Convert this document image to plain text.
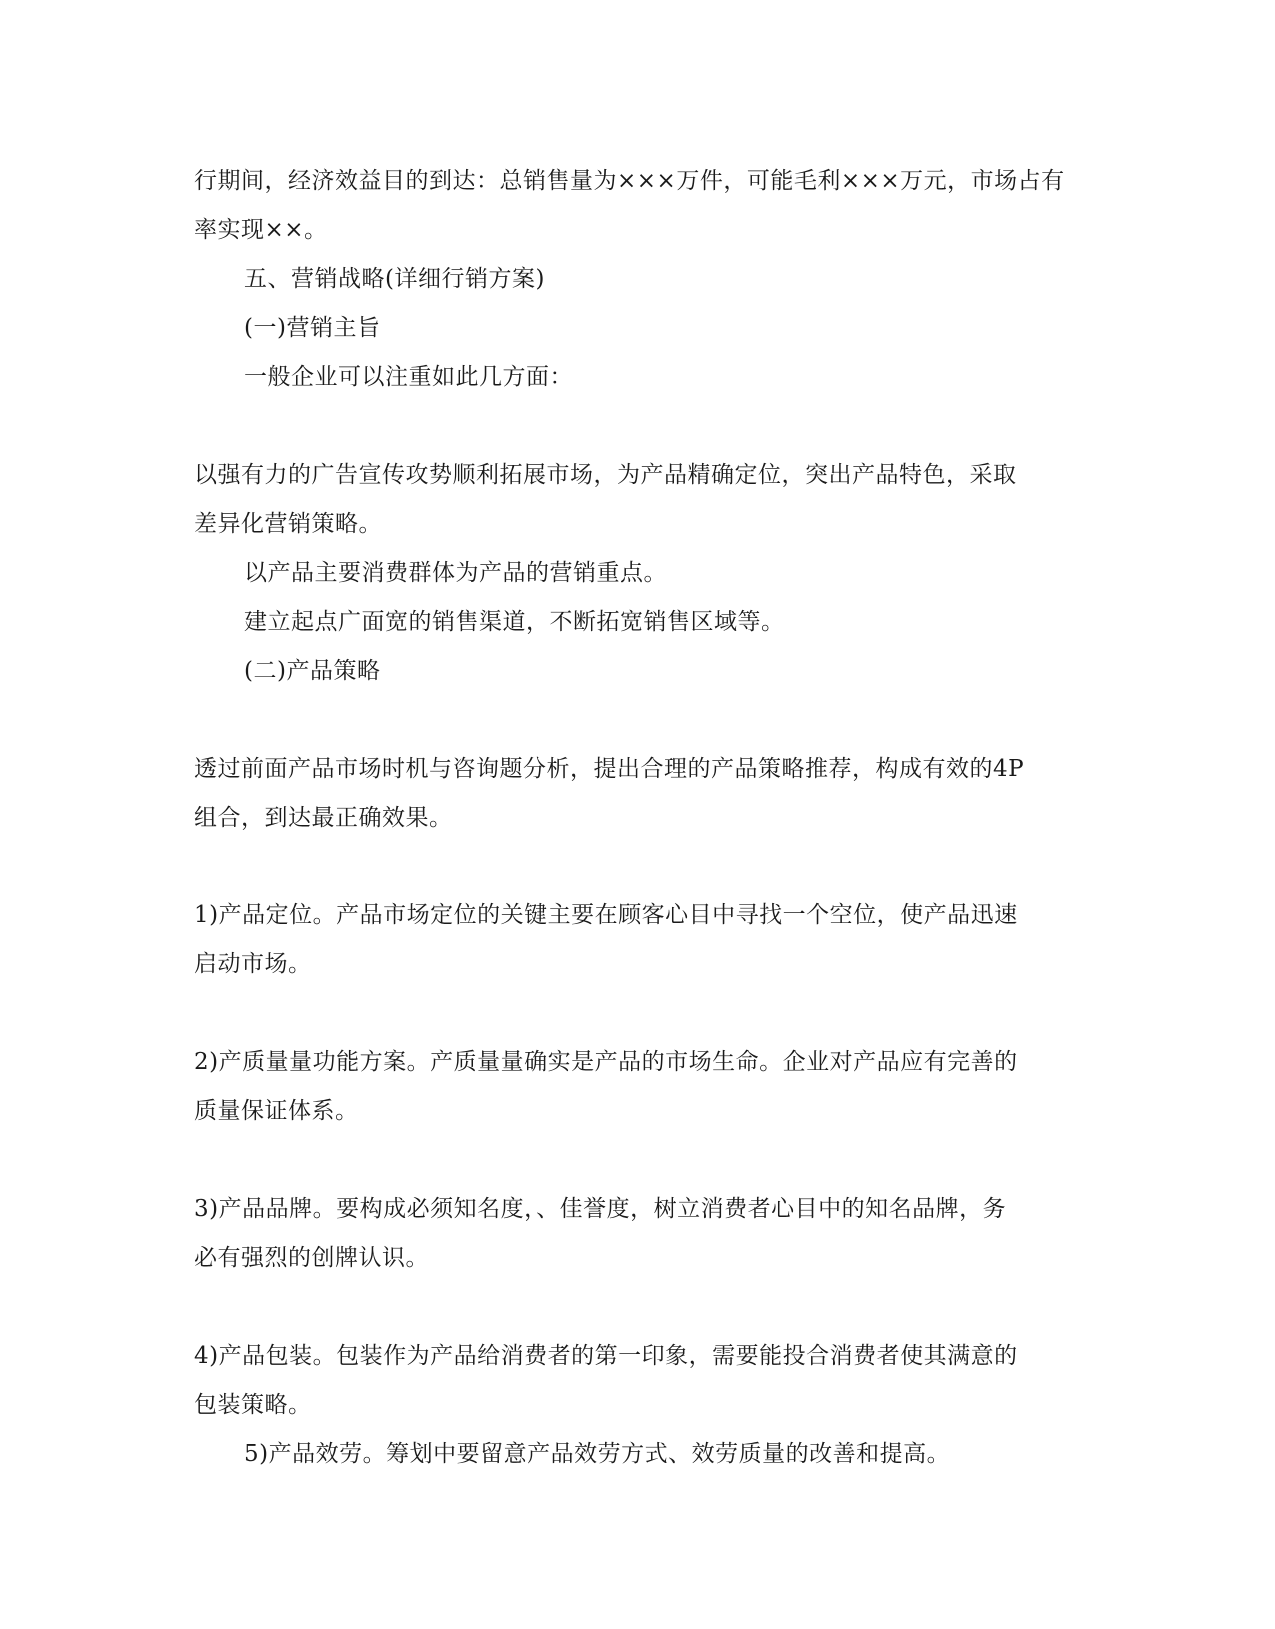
行期间，经济效益目的到达：总销售量为×××万件，可能毛利×××万元，市场占有
率实现××。
五、营销战略(详细行销方案)
(一)营销主旨
一般企业可以注重如此几方面：
以强有力的广告宣传攻势顺利拓展市场，为产品精确定位，突出产品特色，采取
差异化营销策略。
以产品主要消费群体为产品的营销重点。
建立起点广面宽的销售渠道，不断拓宽销售区域等。
(二)产品策略
透过前面产品市场时机与咨询题分析，提出合理的产品策略推荐，构成有效的4P
组合，到达最正确效果。
1)产品定位。产品市场定位的关键主要在顾客心目中寻找一个空位，使产品迅速
启动市场。
2)产质量量功能方案。产质量量确实是产品的市场生命。企业对产品应有完善的
质量保证体系。
3)产品品牌。要构成必须知名度，、佳誉度，树立消费者心目中的知名品牌，务
必有强烈的创牌认识。
4)产品包装。包装作为产品给消费者的第一印象，需要能投合消费者使其满意的
包装策略。
5)产品效劳。筹划中要留意产品效劳方式、效劳质量的改善和提高。
